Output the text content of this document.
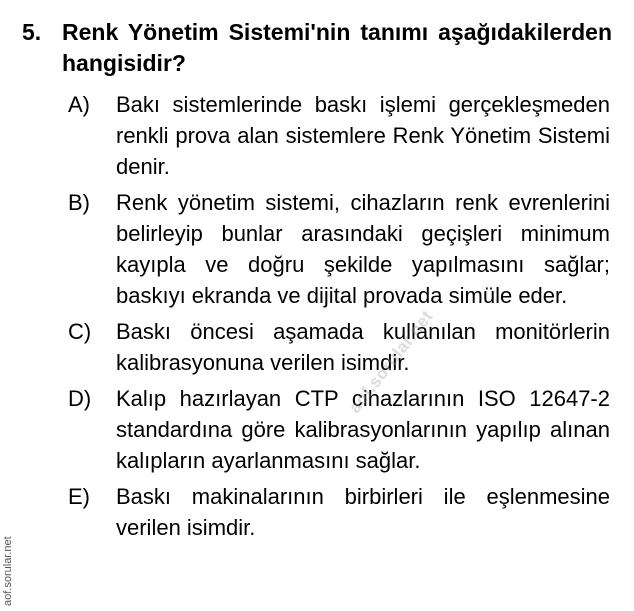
5. Renk Yönetim Sistemi'nin tanımı aşağıdakilerden hangisidir?
A)	Bakı sistemlerinde baskı işlemi gerçekleşmeden renkli prova alan sistemlere Renk Yönetim Sistemi denir.
B)	Renk yönetim sistemi, cihazların renk evrenlerini belirleyip bunlar arasındaki geçişleri minimum kayıpla ve doğru şekilde yapılmasını sağlar; baskıyı ekranda ve dijital provada simüle eder.
C)	Baskı öncesi aşamada kullanılan monitörlerin kalibrasyonuna verilen isimdir.
D)	Kalıp hazırlayan CTP cihazlarının ISO 12647-2 standardına göre kalibrasyonlarının yapılıp alınan kalıpların ayarlanmasını sağlar.
E)	Baskı makinalarının birbirleri ile eşlenmesine verilen isimdir.
aof.sorular.net
aof.sorular.net
